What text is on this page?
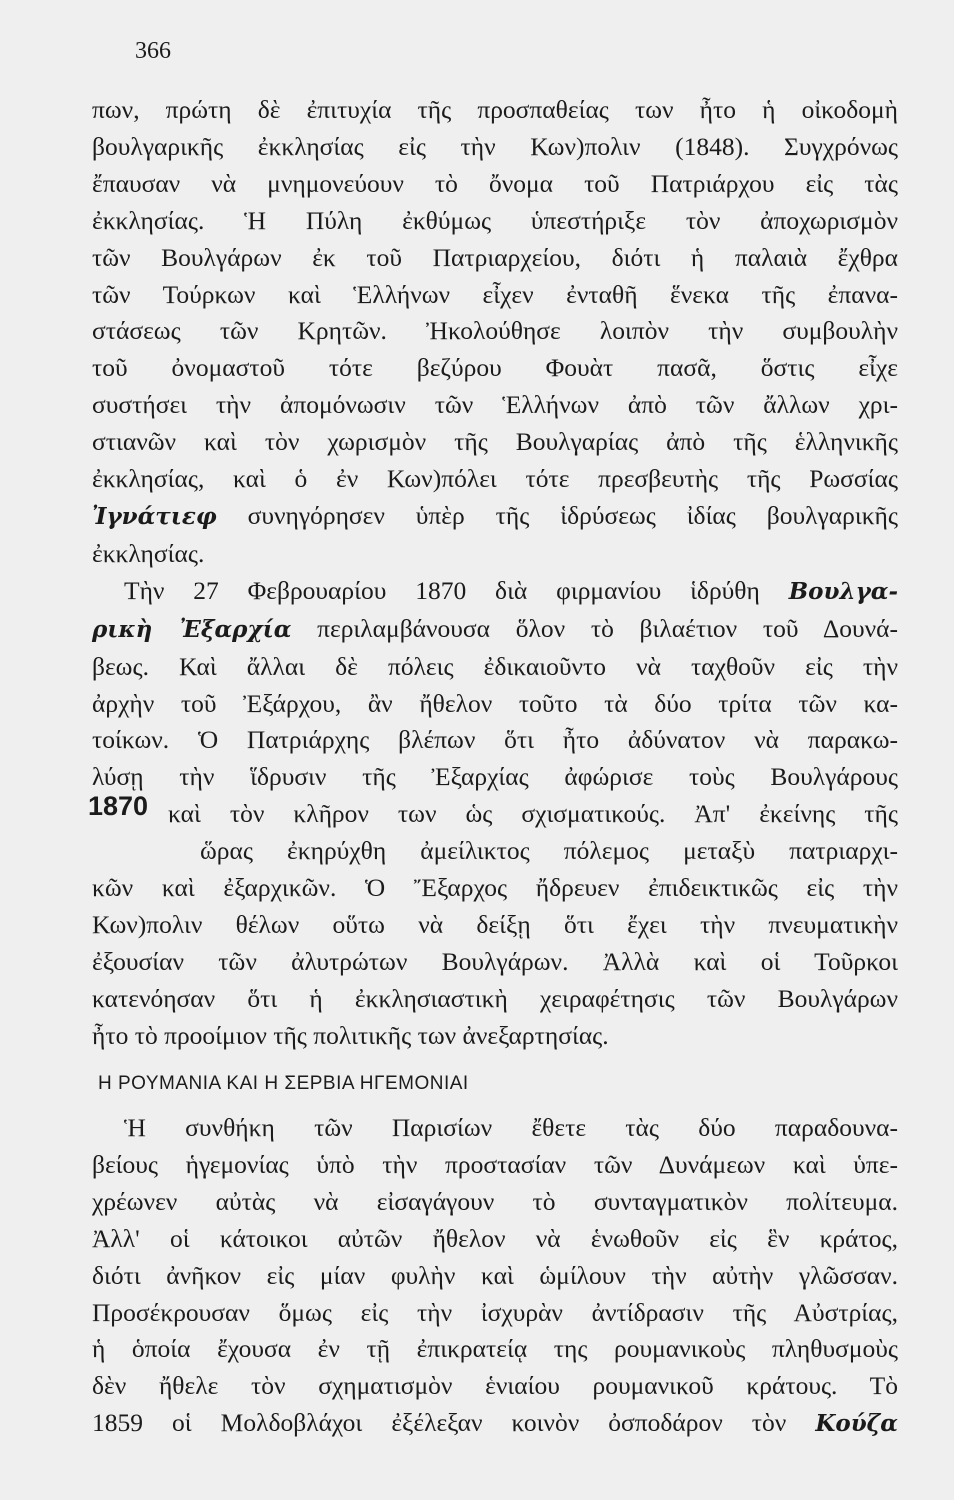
366

πων, πρώτη δὲ ἐπιτυχία τῆς προσπαθείας των ἦτο ἡ οἰκοδομὴ
βουλγαρικῆς ἐκκλησίας εἰς τὴν Κων)πολιν (1848). Συγχρόνως
ἔπαυσαν νὰ μνημονεύουν τὸ ὄνομα τοῦ Πατριάρχου εἰς τὰς
ἐκκλησίας. Ἡ Πύλη ἐκθύμως ὑπεστήριξε τὸν ἀποχωρισμὸν
τῶν Βουλγάρων ἐκ τοῦ Πατριαρχείου, διότι ἡ παλαιὰ ἔχθρα
τῶν Τούρκων καὶ Ἑλλήνων εἶχεν ἐνταθῆ ἕνεκα τῆς ἐπανα-
στάσεως τῶν Κρητῶν. Ἠκολούθησε λοιπὸν τὴν συμβουλὴν
τοῦ ὀνομαστοῦ τότε βεζύρου Φουὰτ πασᾶ, ὅστις εἶχε
συστήσει τὴν ἀπομόνωσιν τῶν Ἑλλήνων ἀπὸ τῶν ἄλλων χρι-
στιανῶν καὶ τὸν χωρισμὸν τῆς Βουλγαρίας ἀπὸ τῆς ἑλληνικῆς
ἐκκλησίας, καὶ ὁ ἐν Κων)πόλει τότε πρεσβευτὴς τῆς Ρωσσίας
Ἰγνάτιεφ συνηγόρησεν ὑπὲρ τῆς ἱδρύσεως ἰδίας βουλγαρικῆς
ἐκκλησίας.

Τὴν 27 Φεβρουαρίου 1870 διὰ φιρμανίου ἱδρύθη Βουλγα-
ρικὴ Ἐξαρχία περιλαμβάνουσα ὅλον τὸ βιλαέτιον τοῦ Δουνά-
βεως. Καὶ ἄλλαι δὲ πόλεις ἐδικαιοῦντο νὰ ταχθοῦν εἰς τὴν
ἀρχὴν τοῦ Ἐξάρχου, ἂν ἤθελον τοῦτο τὰ δύο τρίτα τῶν κα-
τοίκων. Ὁ Πατριάρχης βλέπων ὅτι ἦτο ἀδύνατον νὰ παρακω-
λύσῃ τὴν ἵδρυσιν τῆς Ἐξαρχίας ἀφώρισε τοὺς Βουλγάρους
καὶ τὸν κλῆρον των ὡς σχισματικούς. Ἀπ' ἐκείνης τῆς
ὥρας ἐκηρύχθη ἀμείλικτος πόλεμος μεταξὺ πατριαρχι-
κῶν καὶ ἐξαρχικῶν. Ὁ Ἔξαρχος ἤδρευεν ἐπιδεικτικῶς εἰς τὴν
Κων)πολιν θέλων οὕτω νὰ δείξῃ ὅτι ἔχει τὴν πνευματικὴν
ἐξουσίαν τῶν ἀλυτρώτων Βουλγάρων. Ἀλλὰ καὶ οἱ Τοῦρκοι
κατενόησαν ὅτι ἡ ἐκκλησιαστικὴ χειραφέτησις τῶν Βουλγάρων
ἦτο τὸ προοίμιον τῆς πολιτικῆς των ἀνεξαρτησίας.

1870
Η ΡΟΥΜΑΝΙΑ ΚΑΙ Η ΣΕΡΒΙΑ ΗΓΕΜΟΝΙΑΙ
Ἡ συνθήκη τῶν Παρισίων ἔθετε τὰς δύο παραδουνα-
βείους ἡγεμονίας ὑπὸ τὴν προστασίαν τῶν Δυνάμεων καὶ ὑπε-
χρέωνεν αὐτὰς νὰ εἰσαγάγουν τὸ συνταγματικὸν πολίτευμα.
Ἀλλ' οἱ κάτοικοι αὐτῶν ἤθελον νὰ ἑνωθοῦν εἰς ἓν κράτος,
διότι ἀνῆκον εἰς μίαν φυλὴν καὶ ὡμίλουν τὴν αὐτὴν γλῶσσαν.
Προσέκρουσαν ὅμως εἰς τὴν ἰσχυρὰν ἀντίδρασιν τῆς Αὐστρίας,
ἡ ὁποία ἔχουσα ἐν τῇ ἐπικρατείᾳ της ρουμανικοὺς πληθυσμοὺς
δὲν ἤθελε τὸν σχηματισμὸν ἑνιαίου ρουμανικοῦ κράτους. Τὸ
1859 οἱ Μολδοβλάχοι ἐξέλεξαν κοινὸν ὀσποδάρον τὸν Κούζα
